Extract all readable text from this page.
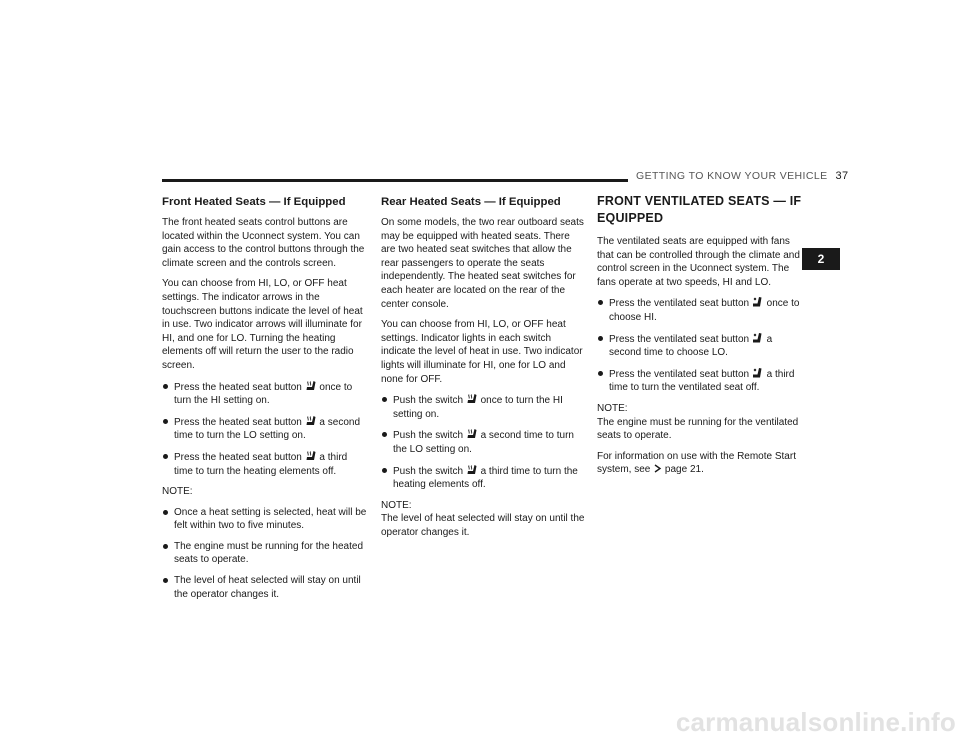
GETTING TO KNOW YOUR VEHICLE 37
Front Heated Seats — If Equipped

The front heated seats control buttons are located within the Uconnect system. You can gain access to the control buttons through the climate screen and the controls screen.

You can choose from HI, LO, or OFF heat settings. The indicator arrows in the touchscreen buttons indicate the level of heat in use. Two indicator arrows will illuminate for HI, and one for LO. Turning the heating elements off will return the user to the radio screen.

Press the heated seat button  once to turn the HI setting on.
Press the heated seat button  a second time to turn the LO setting on.
Press the heated seat button  a third time to turn the heating elements off.
NOTE:
Once a heat setting is selected, heat will be felt within two to five minutes.
The engine must be running for the heated seats to operate.
The level of heat selected will stay on until the operator changes it.
Rear Heated Seats — If Equipped

On some models, the two rear outboard seats may be equipped with heated seats. There are two heated seat switches that allow the rear passengers to operate the seats independently. The heated seat switches for each heater are located on the rear of the center console.

You can choose from HI, LO, or OFF heat settings. Indicator lights in each switch indicate the level of heat in use. Two indicator lights will illuminate for HI, one for LO and none for OFF.

Push the switch  once to turn the HI setting on.
Push the switch  a second time to turn the LO setting on.
Push the switch  a third time to turn the heating elements off.
NOTE:

The level of heat selected will stay on until the operator changes it.

FRONT VENTILATED SEATS — IF EQUIPPED

The ventilated seats are equipped with fans that can be controlled through the climate and control screen in the Uconnect system. The fans operate at two speeds, HI and LO.

Press the ventilated seat button  once to choose HI.
Press the ventilated seat button  a second time to choose LO.
Press the ventilated seat button  a third time to turn the ventilated seat off.
NOTE:

The engine must be running for the ventilated seats to operate.

For information on use with the Remote Start system, see  page 21.

2
carmanualsonline.info
